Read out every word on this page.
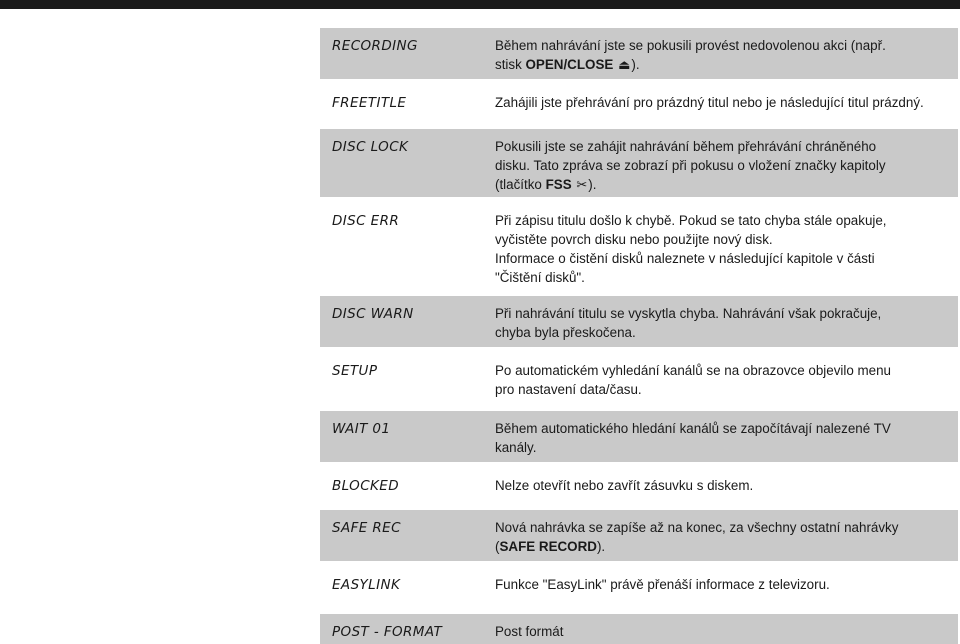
RECORDING	Během nahrávání jste se pokusili provést nedovolenou akci (např.
stisk OPEN/CLOSE ⏏).
FREETITLE	Zahájili jste přehrávání pro prázdný titul nebo je následující titul prázdný.
DISC LOCK	Pokusili jste se zahájit nahrávání během přehrávání chráněného
disku. Tato zpráva se zobrazí při pokusu o vložení značky kapitoly
(tlačítko FSS ✂).
DISC ERR	Při zápisu titulu došlo k chybě. Pokud se tato chyba stále opakuje,
vyčistěte povrch disku nebo použijte nový disk.
Informace o čistění disků naleznete v následující kapitole v části
"Čištění disků".
DISC WARN	Při nahrávání titulu se vyskytla chyba. Nahrávání však pokračuje,
chyba byla přeskočena.
SETUP	Po automatickém vyhledání kanálů se na obrazovce objevilo menu
pro nastavení data/času.
WAIT 01	Během automatického hledání kanálů se započítávají nalezené TV
kanály.
BLOCKED	Nelze otevřít nebo zavřít zásuvku s diskem.
SAFE REC	Nová nahrávka se zapíše až na konec, za všechny ostatní nahrávky
(SAFE RECORD).
EASYLINK	Funkce "EasyLink" právě přenáší informace z televizoru.
POST - FORMAT	Post formát
